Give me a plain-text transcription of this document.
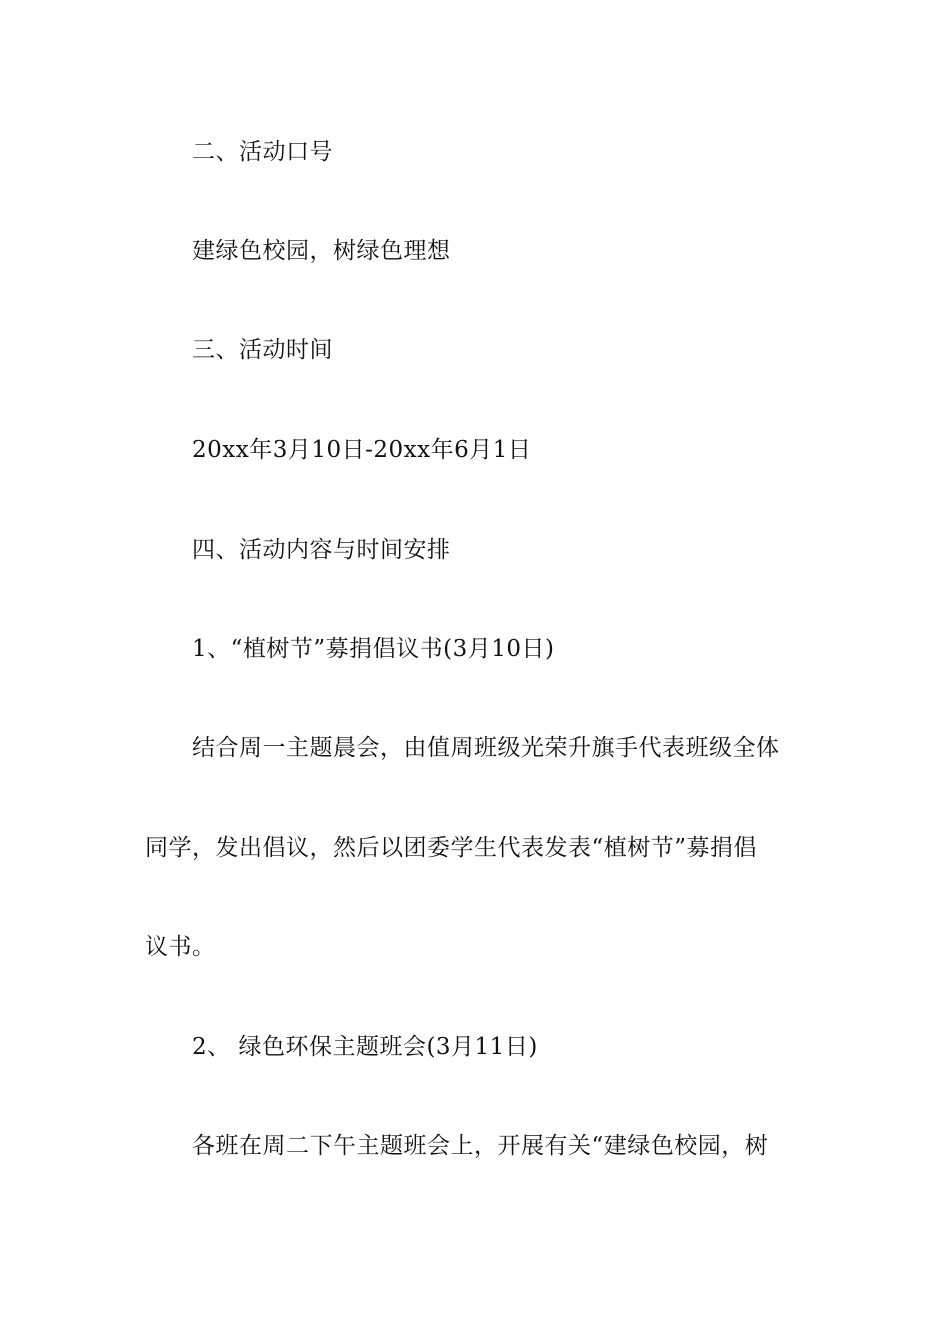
二、活动口号
建绿色校园，树绿色理想
三、活动时间
20xx年3月10日-20xx年6月1日
四、活动内容与时间安排
1、“植树节”募捐倡议书(3月10日)
结合周一主题晨会，由值周班级光荣升旗手代表班级全体
同学，发出倡议，然后以团委学生代表发表“植树节”募捐倡
议书。
2、 绿色环保主题班会(3月11日)
各班在周二下午主题班会上，开展有关“建绿色校园，树
